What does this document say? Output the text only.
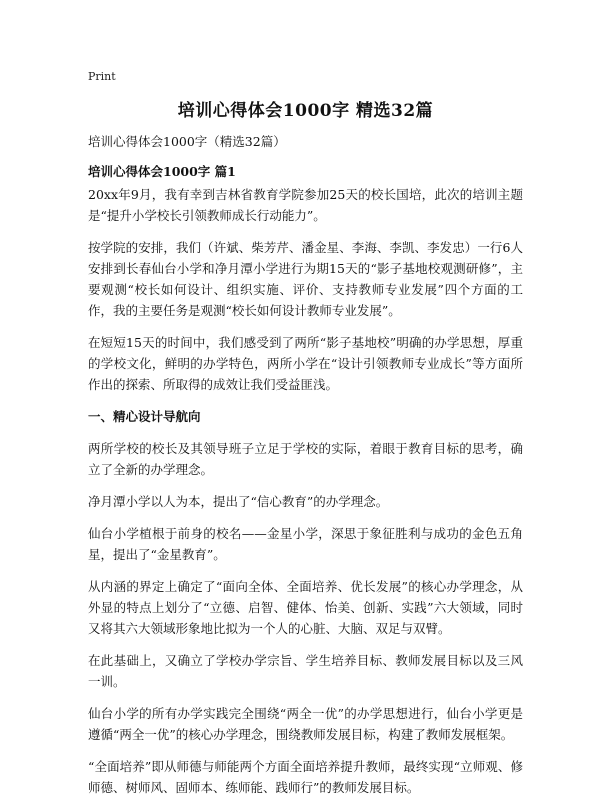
Print
培训心得体会1000字 精选32篇
培训心得体会1000字（精选32篇）
培训心得体会1000字 篇1

20xx年9月，我有幸到吉林省教育学院参加25天的校长国培，此次的培训主题是“提升小学校长引领教师成长行动能力”。

按学院的安排，我们（许斌、柴芳芹、潘金星、李海、李凯、李发忠）一行6人安排到长春仙台小学和净月潭小学进行为期15天的“影子基地校观测研修”，主要观测“校长如何设计、组织实施、评价、支持教师专业发展”四个方面的工作，我的主要任务是观测“校长如何设计教师专业发展”。

在短短15天的时间中，我们感受到了两所“影子基地校”明确的办学思想，厚重的学校文化，鲜明的办学特色，两所小学在“设计引领教师专业成长”等方面所作出的探索、所取得的成效让我们受益匪浅。

一、精心设计导航向

两所学校的校长及其领导班子立足于学校的实际，着眼于教育目标的思考，确立了全新的办学理念。

净月潭小学以人为本，提出了“信心教育”的办学理念。

仙台小学植根于前身的校名——金星小学，深思于象征胜利与成功的金色五角星，提出了“金星教育”。

从内涵的界定上确定了“面向全体、全面培养、优长发展”的核心办学理念，从外显的特点上划分了“立德、启智、健体、怡美、创新、实践”六大领域，同时又将其六大领域形象地比拟为一个人的心脏、大脑、双足与双臂。

在此基础上，又确立了学校办学宗旨、学生培养目标、教师发展目标以及三风一训。

仙台小学的所有办学实践完全围绕“两全一优”的办学思想进行，仙台小学更是遵循“两全一优”的核心办学理念，围绕教师发展目标，构建了教师发展框架。

“全面培养”即从师德与师能两个方面全面培养提升教师，最终实现“立师观、修师德、树师风、固师本、练师能、践师行”的教师发展目标。
